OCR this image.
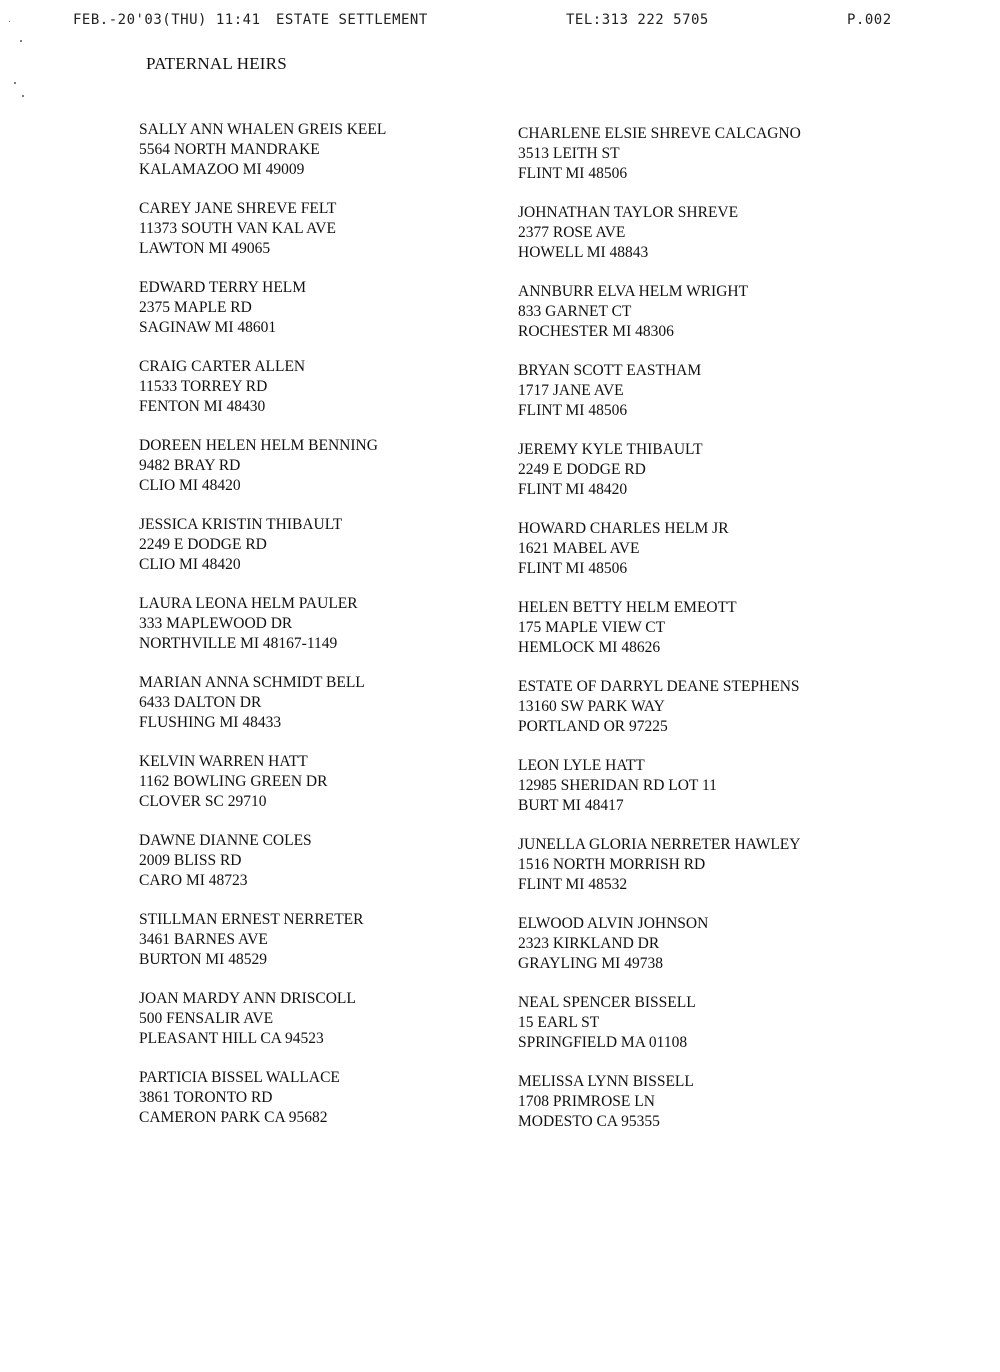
FEB.-20'03(THU) 11:41 ESTATE SETTLEMENT	TEL:313 222 5705	P.002
PATERNAL HEIRS
SALLY ANN WHALEN GREIS KEEL
5564 NORTH MANDRAKE
KALAMAZOO MI 49009
CAREY JANE SHREVE FELT
11373 SOUTH VAN KAL AVE
LAWTON MI 49065
EDWARD TERRY HELM
2375 MAPLE RD
SAGINAW MI 48601
CRAIG CARTER ALLEN
11533 TORREY RD
FENTON MI 48430
DOREEN HELEN HELM BENNING
9482 BRAY RD
CLIO MI 48420
JESSICA KRISTIN THIBAULT
2249 E DODGE RD
CLIO MI 48420
LAURA LEONA HELM PAULER
333 MAPLEWOOD DR
NORTHVILLE MI 48167-1149
MARIAN ANNA SCHMIDT BELL
6433 DALTON DR
FLUSHING MI 48433
KELVIN WARREN HATT
1162 BOWLING GREEN DR
CLOVER SC 29710
DAWNE DIANNE COLES
2009 BLISS RD
CARO MI 48723
STILLMAN ERNEST NERRETER
3461 BARNES AVE
BURTON MI 48529
JOAN MARDY ANN DRISCOLL
500 FENSALIR AVE
PLEASANT HILL CA 94523
PARTICIA BISSEL WALLACE
3861 TORONTO RD
CAMERON PARK CA 95682
CHARLENE ELSIE SHREVE CALCAGNO
3513 LEITH ST
FLINT MI 48506
JOHNATHAN TAYLOR SHREVE
2377 ROSE AVE
HOWELL MI 48843
ANNBURR ELVA HELM WRIGHT
833 GARNET CT
ROCHESTER MI 48306
BRYAN SCOTT EASTHAM
1717 JANE AVE
FLINT MI 48506
JEREMY KYLE THIBAULT
2249 E DODGE RD
FLINT MI 48420
HOWARD CHARLES HELM JR
1621 MABEL AVE
FLINT MI 48506
HELEN BETTY HELM EMEOTT
175 MAPLE VIEW CT
HEMLOCK MI 48626
ESTATE OF DARRYL DEANE STEPHENS
13160 SW PARK WAY
PORTLAND OR 97225
LEON LYLE HATT
12985 SHERIDAN RD LOT 11
BURT MI 48417
JUNELLA GLORIA NERRETER HAWLEY
1516 NORTH MORRISH RD
FLINT MI 48532
ELWOOD ALVIN JOHNSON
2323 KIRKLAND DR
GRAYLING MI 49738
NEAL SPENCER BISSELL
15 EARL ST
SPRINGFIELD MA 01108
MELISSA LYNN BISSELL
1708 PRIMROSE LN
MODESTO CA 95355
